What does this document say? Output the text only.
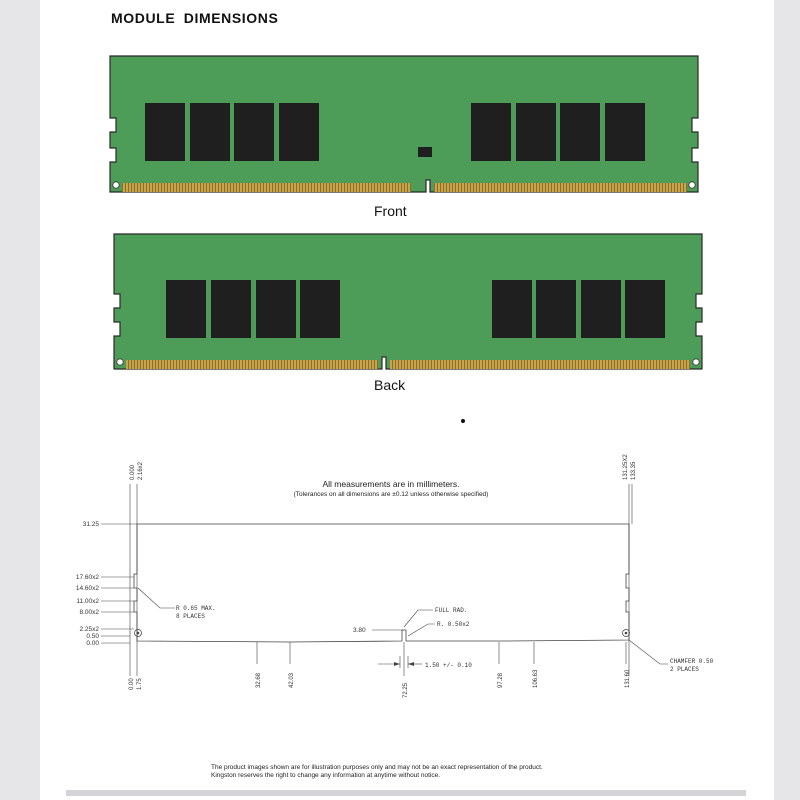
MODULE DIMENSIONS
All measurements are in millimeters.
(Tolerances on all dimensions are ±0.12 unless otherwise specified)
0.000 2.16x2	131.25X2 133.35
31.25
17.60x2
14.60x2
11.00x2
8.00x2
2.25x2
0.50
0.00
0.00 1.75	32.68	42.03
72.25
97.28	106.63	131.60
3.80
R 0.65 MAX.
8 PLACES
FULL RAD.
R. 0.50x2
1.50 +/- 0.10
CHAMFER 0.50
2 PLACES
Front
Back
The product images shown are for illustration purposes only and may not be an exact representation of the product.
Kingston reserves the right to change any information at anytime without notice.
